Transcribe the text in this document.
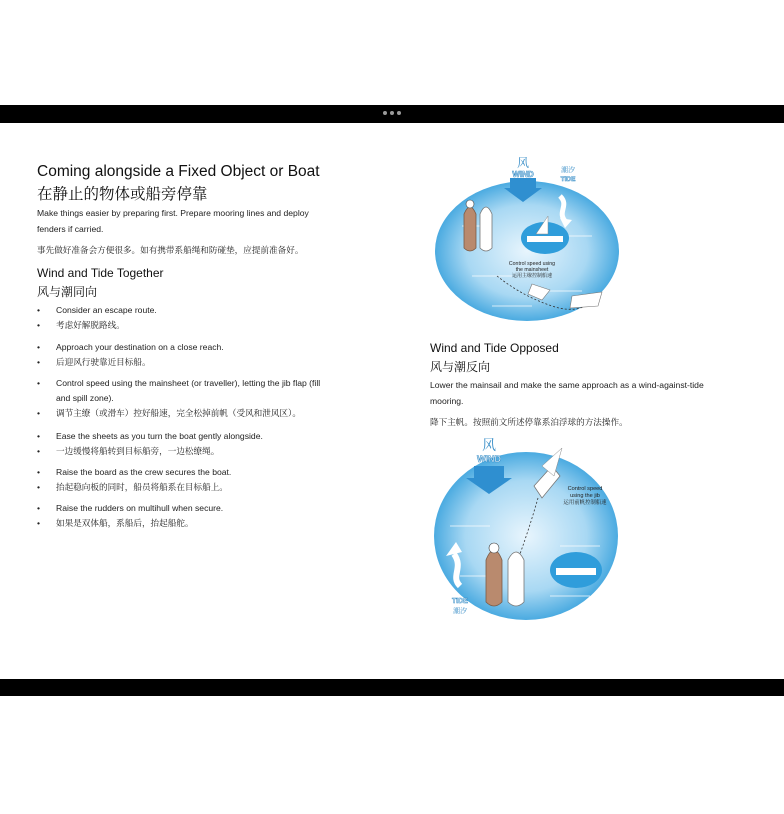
Coming alongside a Fixed Object or Boat
在静止的物体或船旁停靠

Make things easier by preparing first. Prepare mooring lines and deploy
fenders if carried.

事先做好准备会方便很多。如有携带系船绳和防碰垫，应提前准备好。

Wind and Tide Together
风与潮同向
• Consider an escape route.
• 考虑好解脱路线。
• Approach your destination on a close reach.
• 后迎风行驶靠近目标船。
• Control speed using the mainsheet (or traveller), letting the jib flap (fill
and spill zone).
• 调节主缭（或滑车）控好船速，完全松掉前帆（受风和泄风区）。
• Ease the sheets as you turn the boat gently alongside.
• 一边缓慢将船转到目标船旁，一边松缭绳。
• Raise the board as the crew secures the boat.
• 抬起稳向板的同时，船员将船系在目标船上。
• Raise the rudders on multihull when secure.
• 如果是双体船，系船后，抬起船舵。
风
WIND	潮汐
TIDE
Control speed using
the mainsheet
运用主缭控制船速
Wind and Tide Opposed
风与潮反向

Lower the mainsail and make the same approach as a wind-against-tide
mooring.

降下主帆。按照前文所述停靠系泊浮球的方法操作。

风
WIND
TIDE
潮汐
Control speed
using the jib
运用前帆控制船速
